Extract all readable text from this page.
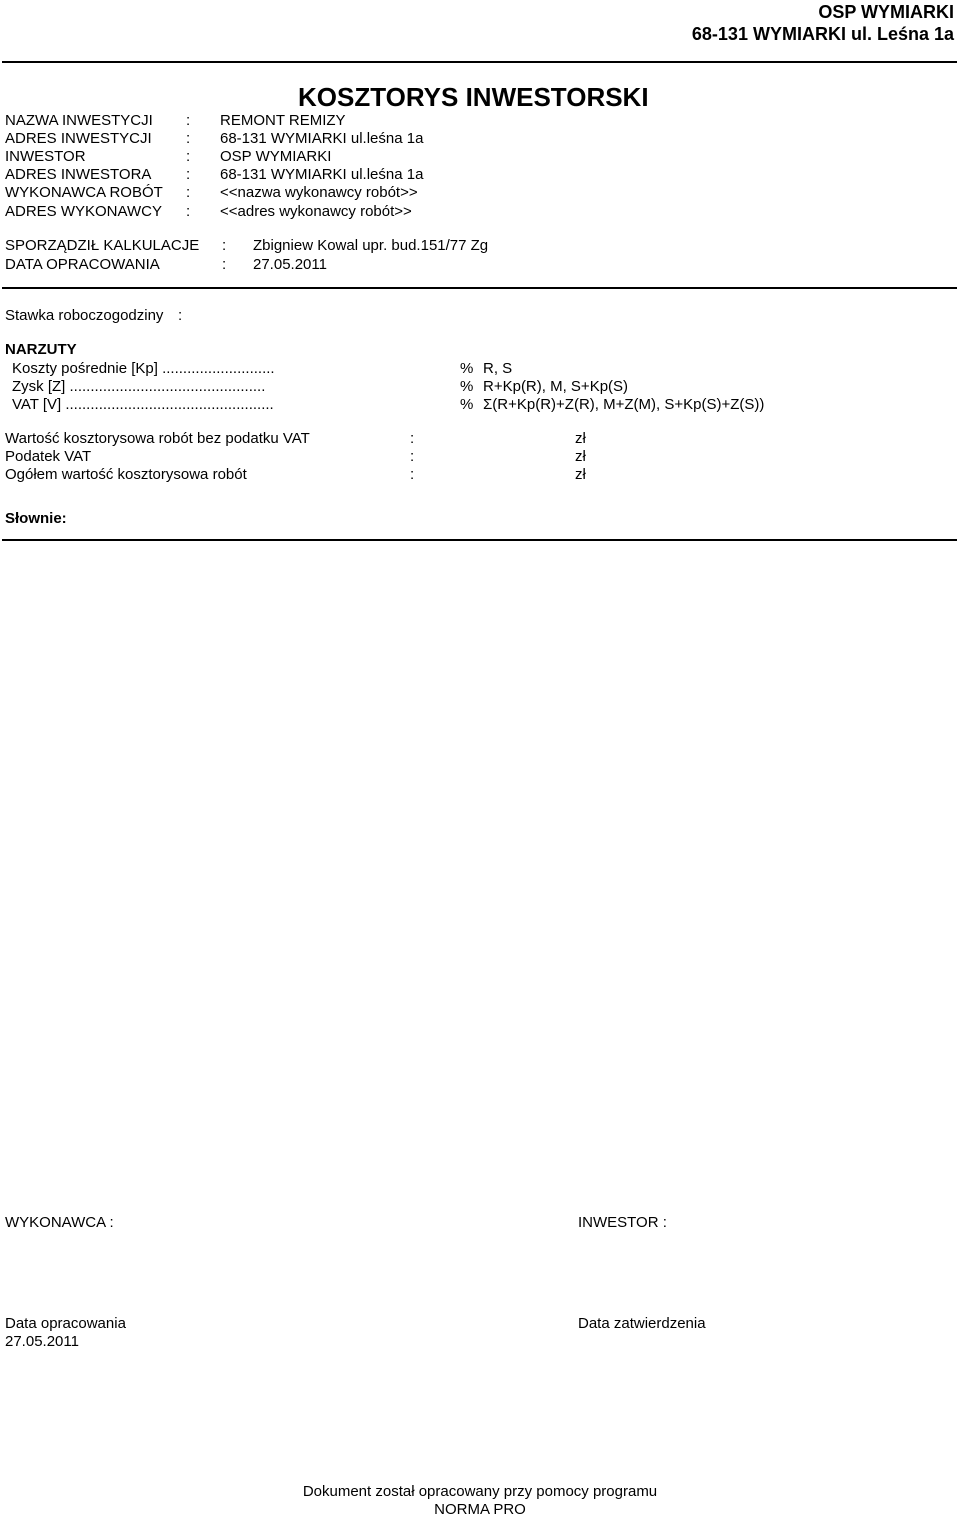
OSP WYMIARKI
68-131 WYMIARKI ul. Leśna 1a
KOSZTORYS INWESTORSKI
NAZWA INWESTYCJI : REMONT REMIZY
ADRES INWESTYCJI : 68-131 WYMIARKI ul.leśna 1a
INWESTOR	: OSP WYMIARKI
ADRES INWESTORA : 68-131 WYMIARKI ul.leśna 1a
WYKONAWCA ROBÓT : <<nazwa wykonawcy robót>>
ADRES WYKONAWCY : <<adres wykonawcy robót>>
SPORZĄDZIŁ KALKULACJE : Zbigniew Kowal upr. bud.151/77 Zg
DATA OPRACOWANIA	: 27.05.2011
Stawka roboczogodziny :
NARZUTY
Koszty pośrednie [Kp] ...........................	% R, S
Zysk [Z] ...............................................	% R+Kp(R), M, S+Kp(S)
VAT [V] ..................................................	% Σ(R+Kp(R)+Z(R), M+Z(M), S+Kp(S)+Z(S))
Wartość kosztorysowa robót bez podatku VAT	:	zł
Podatek VAT	:	zł
Ogółem wartość kosztorysowa robót	:	zł
Słownie:
WYKONAWCA :	INWESTOR :
Data opracowania
27.05.2011
Data zatwierdzenia
Dokument został opracowany przy pomocy programu
NORMA PRO
